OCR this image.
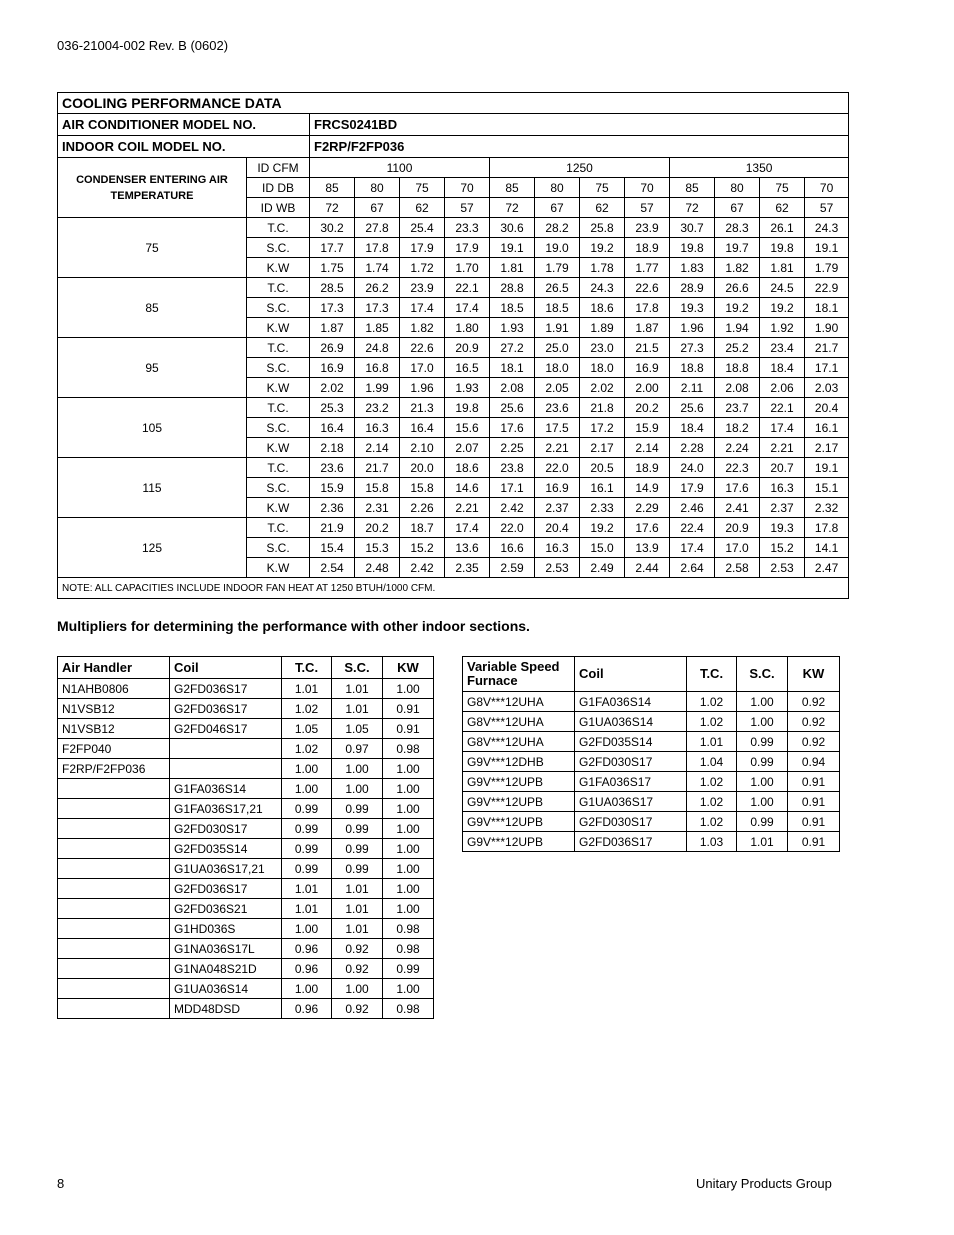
036-21004-002 Rev. B (0602)
COOLING PERFORMANCE DATA													
AIR CONDITIONER MODEL NO.		FRCS0241BD											
INDOOR COIL MODEL NO.		F2RP/F2FP036											
CONDENSER ENTERING AIR TEMPERATURE	ID CFM	1100				1250				1350			
	ID DB	85	80	75	70	85	80	75	70	85	80	75	70
	ID WB	72	67	62	57	72	67	62	57	72	67	62	57
75	T.C.	30.2	27.8	25.4	23.3	30.6	28.2	25.8	23.9	30.7	28.3	26.1	24.3
	S.C.	17.7	17.8	17.9	17.9	19.1	19.0	19.2	18.9	19.8	19.7	19.8	19.1
	K.W	1.75	1.74	1.72	1.70	1.81	1.79	1.78	1.77	1.83	1.82	1.81	1.79
85	T.C.	28.5	26.2	23.9	22.1	28.8	26.5	24.3	22.6	28.9	26.6	24.5	22.9
	S.C.	17.3	17.3	17.4	17.4	18.5	18.5	18.6	17.8	19.3	19.2	19.2	18.1
	K.W	1.87	1.85	1.82	1.80	1.93	1.91	1.89	1.87	1.96	1.94	1.92	1.90
95	T.C.	26.9	24.8	22.6	20.9	27.2	25.0	23.0	21.5	27.3	25.2	23.4	21.7
	S.C.	16.9	16.8	17.0	16.5	18.1	18.0	18.0	16.9	18.8	18.8	18.4	17.1
	K.W	2.02	1.99	1.96	1.93	2.08	2.05	2.02	2.00	2.11	2.08	2.06	2.03
105	T.C.	25.3	23.2	21.3	19.8	25.6	23.6	21.8	20.2	25.6	23.7	22.1	20.4
	S.C.	16.4	16.3	16.4	15.6	17.6	17.5	17.2	15.9	18.4	18.2	17.4	16.1
	K.W	2.18	2.14	2.10	2.07	2.25	2.21	2.17	2.14	2.28	2.24	2.21	2.17
115	T.C.	23.6	21.7	20.0	18.6	23.8	22.0	20.5	18.9	24.0	22.3	20.7	19.1
	S.C.	15.9	15.8	15.8	14.6	17.1	16.9	16.1	14.9	17.9	17.6	16.3	15.1
	K.W	2.36	2.31	2.26	2.21	2.42	2.37	2.33	2.29	2.46	2.41	2.37	2.32
125	T.C.	21.9	20.2	18.7	17.4	22.0	20.4	19.2	17.6	22.4	20.9	19.3	17.8
	S.C.	15.4	15.3	15.2	13.6	16.6	16.3	15.0	13.9	17.4	17.0	15.2	14.1
	K.W	2.54	2.48	2.42	2.35	2.59	2.53	2.49	2.44	2.64	2.58	2.53	2.47
NOTE: ALL CAPACITIES INCLUDE INDOOR FAN HEAT AT 1250 BTUH/1000 CFM.													
Multipliers for determining the performance with other indoor sections.
Air Handler	Coil	T.C.	S.C.	KW
N1AHB0806	G2FD036S17	1.01	1.01	1.00
N1VSB12	G2FD036S17	1.02	1.01	0.91
N1VSB12	G2FD046S17	1.05	1.05	0.91
F2FP040		1.02	0.97	0.98
F2RP/F2FP036		1.00	1.00	1.00
	G1FA036S14	1.00	1.00	1.00
	G1FA036S17,21	0.99	0.99	1.00
	G2FD030S17	0.99	0.99	1.00
	G2FD035S14	0.99	0.99	1.00
	G1UA036S17,21	0.99	0.99	1.00
	G2FD036S17	1.01	1.01	1.00
	G2FD036S21	1.01	1.01	1.00
	G1HD036S	1.00	1.01	0.98
	G1NA036S17L	0.96	0.92	0.98
	G1NA048S21D	0.96	0.92	0.99
	G1UA036S14	1.00	1.00	1.00
	MDD48DSD	0.96	0.92	0.98
Variable Speed Furnace	Coil	T.C.	S.C.	KW
G8V***12UHA	G1FA036S14	1.02	1.00	0.92
G8V***12UHA	G1UA036S14	1.02	1.00	0.92
G8V***12UHA	G2FD035S14	1.01	0.99	0.92
G9V***12DHB	G2FD030S17	1.04	0.99	0.94
G9V***12UPB	G1FA036S17	1.02	1.00	0.91
G9V***12UPB	G1UA036S17	1.02	1.00	0.91
G9V***12UPB	G2FD030S17	1.02	0.99	0.91
G9V***12UPB	G2FD036S17	1.03	1.01	0.91
8	Unitary Products Group
